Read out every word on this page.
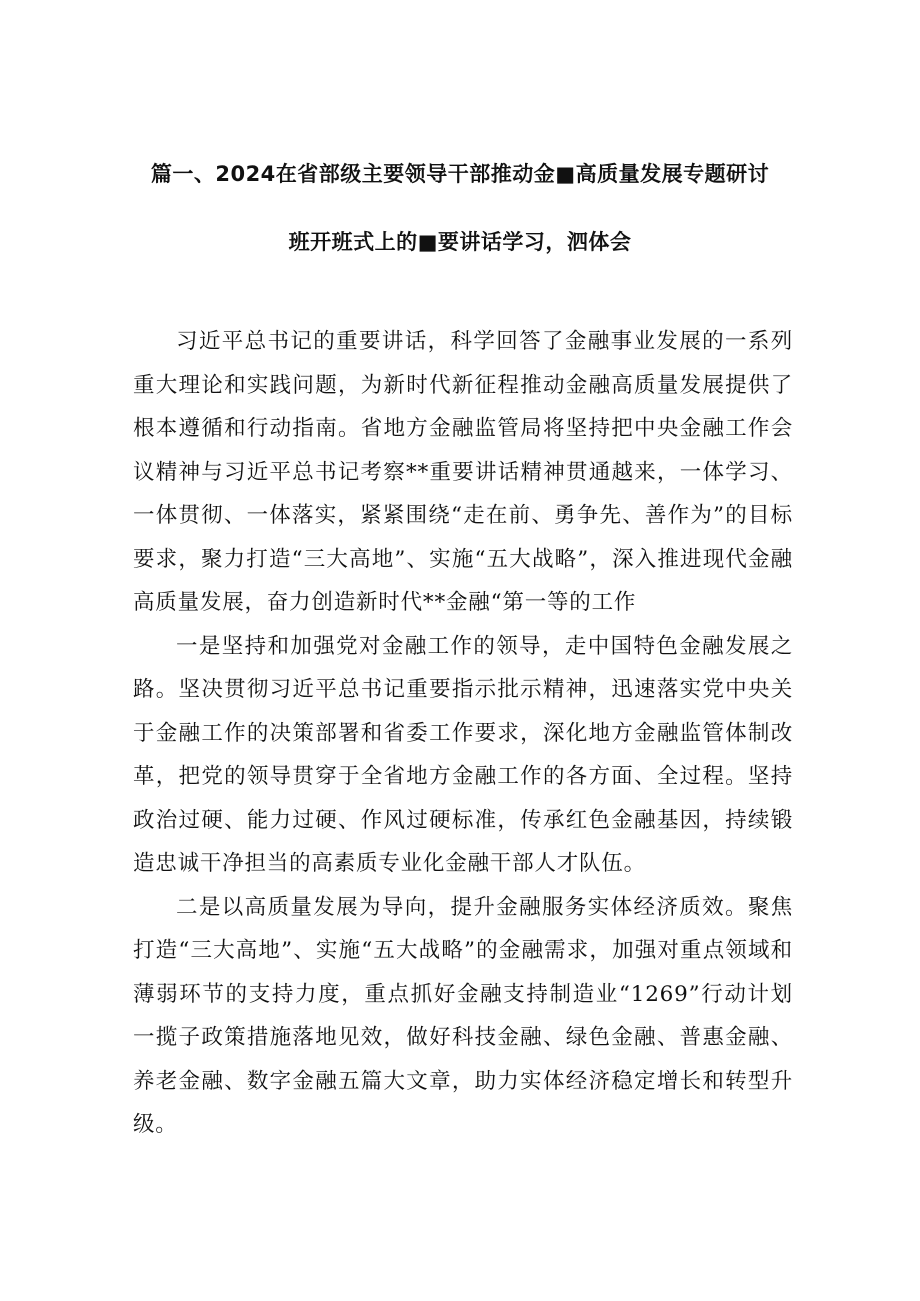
篇一、2024在省部级主要领导干部推动金■高质量发展专题研讨
班开班式上的■要讲话学习，泗体会

习近平总书记的重要讲话，科学回答了金融事业发展的一系列重大理论和实践问题，为新时代新征程推动金融高质量发展提供了根本遵循和行动指南。省地方金融监管局将坚持把中央金融工作会议精神与习近平总书记考察**重要讲话精神贯通越来，一体学习、一体贯彻、一体落实，紧紧围绕“走在前、勇争先、善作为”的目标要求，聚力打造“三大高地”、实施“五大战略”，深入推进现代金融高质量发展，奋力创造新时代**金融“第一等的工作

一是坚持和加强党对金融工作的领导，走中国特色金融发展之路。坚决贯彻习近平总书记重要指示批示精神，迅速落实党中央关于金融工作的决策部署和省委工作要求，深化地方金融监管体制改革，把党的领导贯穿于全省地方金融工作的各方面、全过程。坚持政治过硬、能力过硬、作风过硬标准，传承红色金融基因，持续锻造忠诚干净担当的高素质专业化金融干部人才队伍。

二是以高质量发展为导向，提升金融服务实体经济质效。聚焦打造“三大高地”、实施“五大战略”的金融需求，加强对重点领域和薄弱环节的支持力度，重点抓好金融支持制造业“1269”行动计划一揽子政策措施落地见效，做好科技金融、绿色金融、普惠金融、养老金融、数字金融五篇大文章，助力实体经济稳定增长和转型升级。
